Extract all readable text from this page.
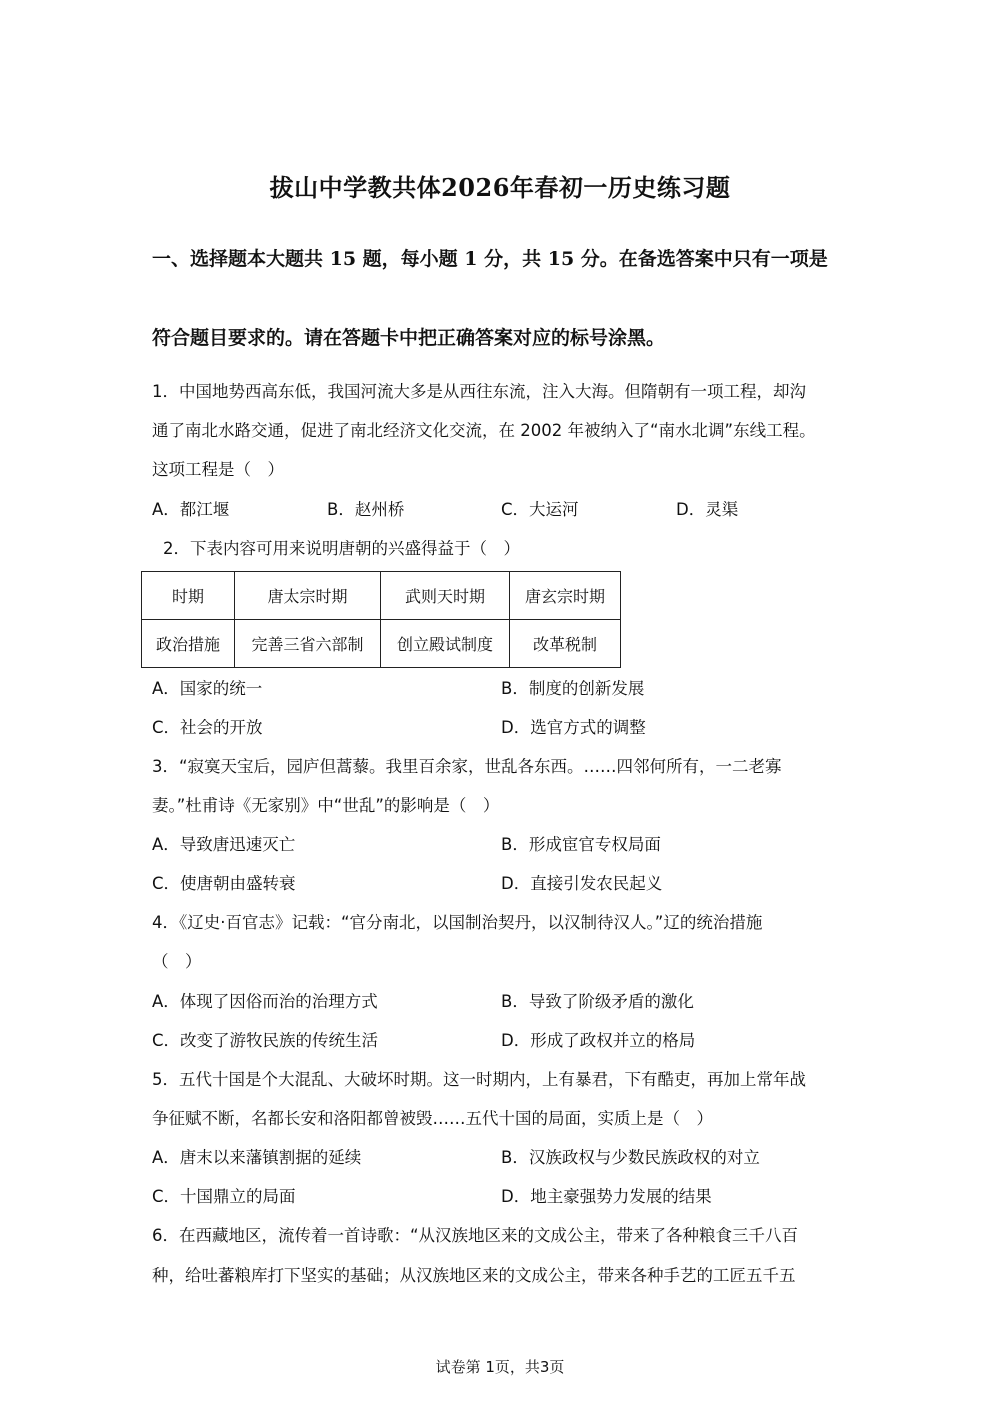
拔山中学教共体2026年春初一历史练习题
一、选择题本大题共 15 题，每小题 1 分，共 15 分。在备选答案中只有一项是
符合题目要求的。请在答题卡中把正确答案对应的标号涂黑。
1．中国地势西高东低，我国河流大多是从西往东流，注入大海。但隋朝有一项工程，却沟
通了南北水路交通，促进了南北经济文化交流，在 2002 年被纳入了“南水北调”东线工程。
这项工程是（　）
A．都江堰	B．赵州桥	C．大运河	D．灵渠
2．下表内容可用来说明唐朝的兴盛得益于（　）
时期	唐太宗时期	武则天时期	唐玄宗时期
政治措施	完善三省六部制	创立殿试制度	改革税制
A．国家的统一	B．制度的创新发展
C．社会的开放	D．选官方式的调整
3．“寂寞天宝后，园庐但蒿藜。我里百余家，世乱各东西。……四邻何所有，一二老寡
妻。”杜甫诗《无家别》中“世乱”的影响是（　）
A．导致唐迅速灭亡	B．形成宦官专权局面
C．使唐朝由盛转衰	D．直接引发农民起义
4．《辽史·百官志》记载：“官分南北，以国制治契丹，以汉制待汉人。”辽的统治措施
（　）
A．体现了因俗而治的治理方式	B．导致了阶级矛盾的激化
C．改变了游牧民族的传统生活	D．形成了政权并立的格局
5．五代十国是个大混乱、大破坏时期。这一时期内，上有暴君，下有酷吏，再加上常年战
争征赋不断，名都长安和洛阳都曾被毁……五代十国的局面，实质上是（　）
A．唐末以来藩镇割据的延续	B．汉族政权与少数民族政权的对立
C．十国鼎立的局面	D．地主豪强势力发展的结果
6．在西藏地区，流传着一首诗歌：“从汉族地区来的文成公主，带来了各种粮食三千八百
种，给吐蕃粮库打下坚实的基础；从汉族地区来的文成公主，带来各种手艺的工匠五千五
试卷第 1页，共3页
